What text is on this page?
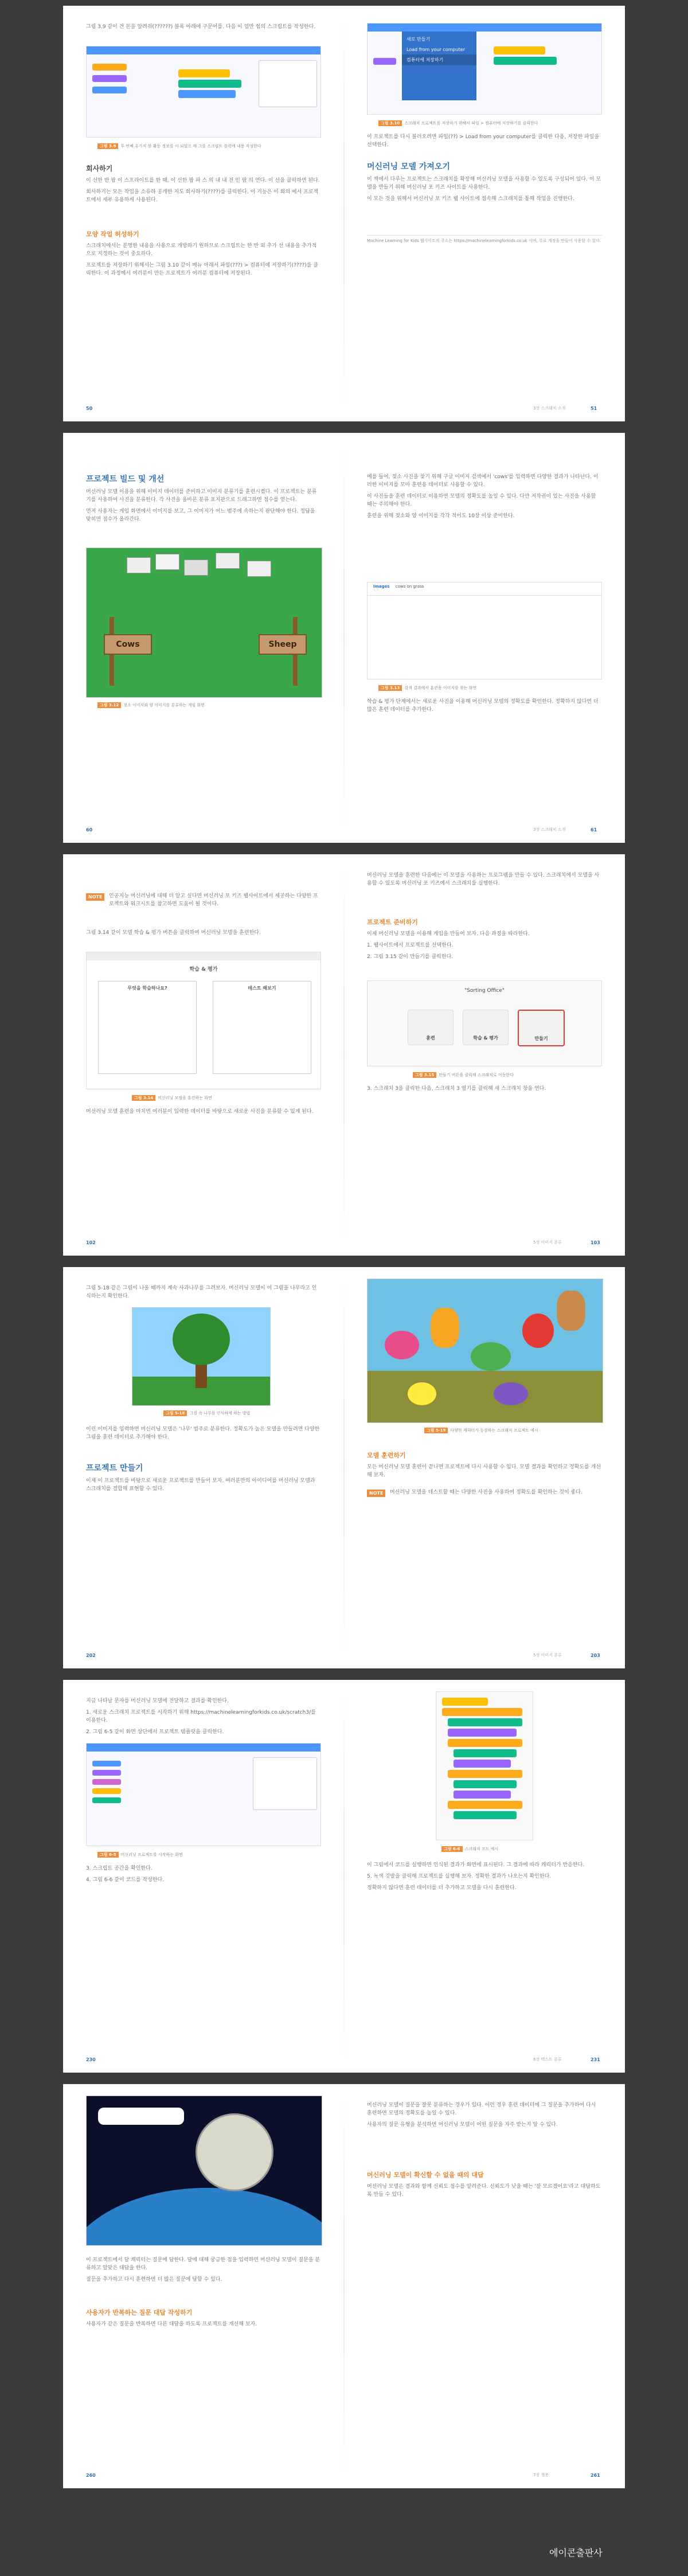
그림 3.9 같이 건 돈을 알려줘(??????) 블록 아래에 구문어를. 다음 이 업만 힘의 스크립트를 작성한다.
그림 3.9 투 번째 유가지 블 활동 정보를 이 되었으 매 그를 스크립트 블럭에 내용 작성한다
회사하기

이 선한 반 팝 이 스프라이트를 한 때, 이 선한 팝 파 스 의 내 내 전 인 팝 의 연다. 이 선을 클릭하면 된다.

회사하기는 모든 작업을 소유하 공개한 지도 회사하기(????)를 클릭한다. 이 기능은 이 회의 에서 프로젝트에서 세부 유용하게 사용된다.

모양 작업 허성하기

스크래치에서는 분명한 내용을 사용으로 개방하기 원하므로 스크립트는 한 반 외 추가 선 내용을 추가적으로 지정하는 것이 중요하다.

프로젝트를 저장하기 위해서는 그림 3.10 같이 메뉴 아래서 파일(???) > 컴퓨터에 저장하기(????)를 클릭한다. 이 과정에서 여러분이 만든 프로젝트가 여러분 컴퓨터에 저장된다.

50
새로 만들기
Load from your computer
컴퓨터에 저장하기
그림 3.10 스크래치 프로젝트를 저장하기 위해서 파일 > 컴퓨터에 저장하기를 클릭한다
이 프로젝트를 다시 불러오려면 파일(??) > Load from your computer를 클릭한 다음, 저장한 파일을 선택한다.
머신러닝 모델 가져오기

이 책에서 다루는 프로젝트는 스크래치를 확장해 머신러닝 모델을 사용할 수 있도록 구성되어 있다. 이 모델을 만들기 위해 머신러닝 포 키즈 사이트를 사용한다.

이 모든 것을 위해서 머신러닝 포 키즈 웹 사이트에 접속해 스크래치를 통해 작업을 진행한다.

Machine Learning for Kids 웹사이트의 주소는 https://machinelearningforkids.co.uk 이며, 무료 계정을 만들어 사용할 수 있다.
3장 스크래치 소개	51
프로젝트 빌드 및 개선

머신러닝 모델 이용을 위해 이미지 데이터를 준비하고 이미지 분류기를 훈련시켰다. 이 프로젝트는 분류기를 사용하여 사진을 분류한다. 각 사진을 올바른 분류 표지판으로 드래그하면 점수를 얻는다.

먼저 사용자는 게임 화면에서 이미지를 보고, 그 이미지가 어느 범주에 속하는지 판단해야 한다. 정답을 맞히면 점수가 올라간다.

Cows	Sheep
그림 3.12 젖소 이미지와 양 이미지를 분류하는 게임 화면
60

예를 들어, 젖소 사진을 찾기 위해 구글 이미지 검색에서 'cows'를 입력하면 다양한 결과가 나타난다. 이러한 이미지를 모아 훈련용 데이터로 사용할 수 있다.

이 사진들을 훈련 데이터로 이용하면 모델의 정확도를 높일 수 있다. 다만 저작권이 있는 사진을 사용할 때는 주의해야 한다.

훈련을 위해 젖소와 양 이미지를 각각 적어도 10장 이상 준비한다.

Images cows on grass
그림 3.13 검색 결과에서 훈련용 이미지를 찾는 화면
학습 & 평가 단계에서는 새로운 사진을 이용해 머신러닝 모델의 정확도를 확인한다. 정확하지 않다면 더 많은 훈련 데이터를 추가한다.
3장 스크래치 소개	61
NOTE	인공지능 머신러닝에 대해 더 알고 싶다면 머신러닝 포 키즈 웹사이트에서 제공하는 다양한 프로젝트와 워크시트를 참고하면 도움이 될 것이다.
그림 3.14 같이 모델 학습 & 평가 버튼을 클릭하여 머신러닝 모델을 훈련한다.
학습 & 평가
무엇을 학습하나요?	테스트 해보기
그림 3.14 머신러닝 모델을 훈련하는 화면
머신러닝 모델 훈련을 마치면 여러분이 입력한 데이터를 바탕으로 새로운 사진을 분류할 수 있게 된다.
102
머신러닝 모델을 훈련한 다음에는 이 모델을 사용하는 프로그램을 만들 수 있다. 스크래치에서 모델을 사용할 수 있도록 머신러닝 포 키즈에서 스크래치를 실행한다.
프로젝트 준비하기

이제 머신러닝 모델을 이용해 게임을 만들어 보자. 다음 과정을 따라한다.

1. 웹사이트에서 프로젝트를 선택한다.

2. 그림 3.15 같이 만들기를 클릭한다.

"Sorting Office"
훈련	학습 & 평가	만들기
그림 3.15 만들기 버튼을 클릭해 스크래치로 이동한다
3. 스크래치 3을 클릭한 다음, 스크래치 3 열기를 클릭해 새 스크래치 창을 연다.
5장 이미지 분류	103
그림 5-18 같은 그림이 나올 때까지 계속 사과나무를 그려보자. 머신러닝 모델이 이 그림을 나무라고 인식하는지 확인한다.
그림 5-18 그림 속 나무를 인식하게 하는 방법
이런 이미지를 입력하면 머신러닝 모델은 '나무' 범주로 분류한다. 정확도가 높은 모델을 만들려면 다양한 그림을 훈련 데이터로 추가해야 한다.
프로젝트 만들기
이제 이 프로젝트를 바탕으로 새로운 프로젝트를 만들어 보자. 여러분만의 아이디어를 머신러닝 모델과 스크래치를 결합해 표현할 수 있다.
202
그림 5-19 다양한 캐릭터가 등장하는 스크래치 프로젝트 예시
모델 훈련하기
모든 머신러닝 모델 훈련이 끝나면 프로젝트에 다시 사용할 수 있다. 모델 결과를 확인하고 정확도를 개선해 보자.
NOTE	머신러닝 모델을 테스트할 때는 다양한 사진을 사용하여 정확도를 확인하는 것이 좋다.
5장 이미지 분류	203

지금 나타날 문자를 머신러닝 모델에 전달하고 결과를 확인한다.

1. 새로운 스크래치 프로젝트를 시작하기 위해 https://machinelearningforkids.co.uk/scratch3/를 이용한다.

2. 그림 6-5 같이 화면 상단에서 프로젝트 템플릿을 클릭한다.

그림 6-5 머신러닝 프로젝트를 시작하는 화면

3. 스크립트 공간을 확인한다.

4. 그림 6-6 같이 코드를 작성한다.

230
그림 6-6 스크래치 코드 예시

이 그림에서 코드를 실행하면 인식된 결과가 화면에 표시된다. 그 결과에 따라 캐릭터가 반응한다.

5. 녹색 깃발을 클릭해 프로젝트를 실행해 보자. 정확한 결과가 나오는지 확인한다.

정확하지 않다면 훈련 데이터를 더 추가하고 모델을 다시 훈련한다.

6장 텍스트 분류	231

이 프로젝트에서 달 캐릭터는 질문에 답한다. 달에 대해 궁금한 점을 입력하면 머신러닝 모델이 질문을 분류하고 알맞은 대답을 한다.

질문을 추가하고 다시 훈련하면 더 많은 질문에 답할 수 있다.

사용자가 반복하는 질문 대답 작성하기
사용자가 같은 질문을 반복하면 다른 대답을 하도록 프로젝트를 개선해 보자.
260

머신러닝 모델이 질문을 잘못 분류하는 경우가 있다. 이런 경우 훈련 데이터에 그 질문을 추가하여 다시 훈련하면 모델의 정확도를 높일 수 있다.

사용자의 질문 유형을 분석하면 머신러닝 모델이 어떤 질문을 자주 받는지 알 수 있다.

머신러닝 모델이 확신할 수 없을 때의 대답
머신러닝 모델은 결과와 함께 신뢰도 점수를 알려준다. 신뢰도가 낮을 때는 '잘 모르겠어요'라고 대답하도록 만들 수 있다.
7장 챗봇	261
에이콘출판사
